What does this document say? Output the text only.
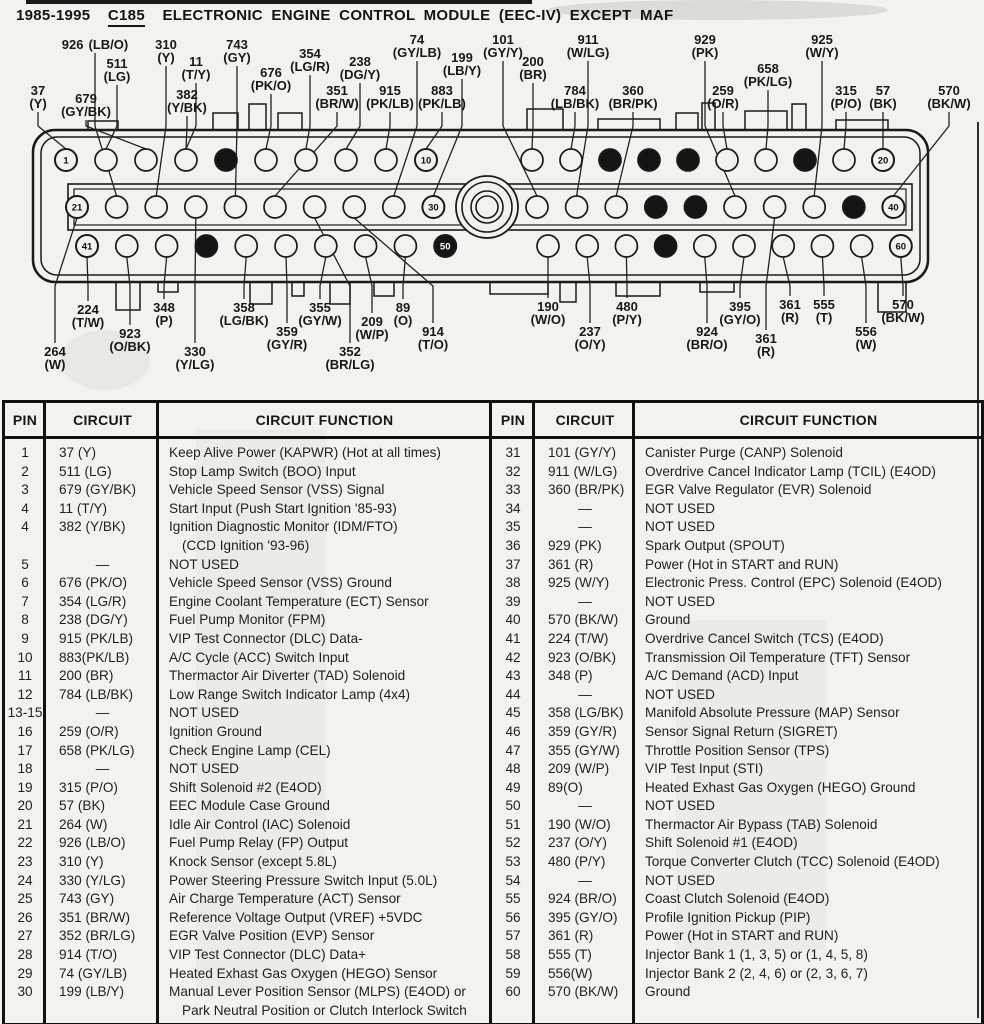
1985-1995 C185 ELECTRONIC ENGINE CONTROL MODULE (EEC-IV) EXCEPT MAF
926 (LB/O)
511 (LG)
37 (Y)	679 (GY/BK)
310 (Y)	11 (T/Y)
382 (Y/BK)
743 (GY)
676 (PK/O)
354 (LG/R)
351 (BR/W)
238 (DG/Y)
915 (PK/LB)
74 (GY/LB)
883 (PK/LB)
199 (LB/Y)
101 (GY/Y)
200 (BR)
911 (W/LG)
784 (LB/BK)
360 (BR/PK)
929 (PK)
259 (O/R)
658 (PK/LG)
925 (W/Y)
315 (P/O)
57 (BK)
570 (BK/W)
264 (W)
224 (T/W)
923 (O/BK)
348 (P)
330 (Y/LG)
358 (LG/BK)
359 (GY/R)
355 (GY/W)
352 (BR/LG)
209 (W/P)
89 (O)
914 (T/O)
190 (W/O)
237 (O/Y)
480 (P/Y)
924 (BR/O)
395 (GY/O)
361 (R)
361 (R)
555 (T)
556 (W)
570 (BK/W)
1	10	20
21	30	40
41	50	60
PIN	CIRCUIT	CIRCUIT FUNCTION
1	37 (Y)	Keep Alive Power (KAPWR) (Hot at all times)

2	511 (LG)	Stop Lamp Switch (BOO) Input

3	679 (GY/BK)	Vehicle Speed Sensor (VSS) Signal

4	11 (T/Y)	Start Input (Push Start Ignition '85-93)

4	382 (Y/BK)	Ignition Diagnostic Monitor (IDM/FTO)
(CCD Ignition '93-96)

5	—	NOT USED

6	676 (PK/O)	Vehicle Speed Sensor (VSS) Ground

7	354 (LG/R)	Engine Coolant Temperature (ECT) Sensor

8	238 (DG/Y)	Fuel Pump Monitor (FPM)

9	915 (PK/LB)	VIP Test Connector (DLC) Data-

10	883(PK/LB)	A/C Cycle (ACC) Switch Input

11	200 (BR)	Thermactor Air Diverter (TAD) Solenoid

12	784 (LB/BK)	Low Range Switch Indicator Lamp (4x4)

13-15	—	NOT USED

16	259 (O/R)	Ignition Ground

17	658 (PK/LG)	Check Engine Lamp (CEL)

18	—	NOT USED

19	315 (P/O)	Shift Solenoid #2 (E4OD)

20	57 (BK)	EEC Module Case Ground

21	264 (W)	Idle Air Control (IAC) Solenoid

22	926 (LB/O)	Fuel Pump Relay (FP) Output

23	310 (Y)	Knock Sensor (except 5.8L)

24	330 (Y/LG)	Power Steering Pressure Switch Input (5.0L)

25	743 (GY)	Air Charge Temperature (ACT) Sensor

26	351 (BR/W)	Reference Voltage Output (VREF) +5VDC

27	352 (BR/LG)	EGR Valve Position (EVP) Sensor

28	914 (T/O)	VIP Test Connector (DLC) Data+

29	74 (GY/LB)	Heated Exhast Gas Oxygen (HEGO) Sensor

30	199 (LB/Y)	Manual Lever Position Sensor (MLPS) (E4OD) or
Park Neutral Position or Clutch Interlock Switch
PIN	CIRCUIT	CIRCUIT FUNCTION
31	101 (GY/Y)	Canister Purge (CANP) Solenoid

32	911 (W/LG)	Overdrive Cancel Indicator Lamp (TCIL) (E4OD)

33	360 (BR/PK)	EGR Valve Regulator (EVR) Solenoid

34	—	NOT USED

35	—	NOT USED

36	929 (PK)	Spark Output (SPOUT)

37	361 (R)	Power (Hot in START and RUN)

38	925 (W/Y)	Electronic Press. Control (EPC) Solenoid (E4OD)

39	—	NOT USED

40	570 (BK/W)	Ground

41	224 (T/W)	Overdrive Cancel Switch (TCS) (E4OD)

42	923 (O/BK)	Transmission Oil Temperature (TFT) Sensor

43	348 (P)	A/C Demand (ACD) Input

44	—	NOT USED

45	358 (LG/BK)	Manifold Absolute Pressure (MAP) Sensor

46	359 (GY/R)	Sensor Signal Return (SIGRET)

47	355 (GY/W)	Throttle Position Sensor (TPS)

48	209 (W/P)	VIP Test Input (STI)

49	89(O)	Heated Exhast Gas Oxygen (HEGO) Ground

50	—	NOT USED

51	190 (W/O)	Thermactor Air Bypass (TAB) Solenoid

52	237 (O/Y)	Shift Solenoid #1 (E4OD)

53	480 (P/Y)	Torque Converter Clutch (TCC) Solenoid (E4OD)

54	—	NOT USED

55	924 (BR/O)	Coast Clutch Solenoid (E4OD)

56	395 (GY/O)	Profile Ignition Pickup (PIP)

57	361 (R)	Power (Hot in START and RUN)

58	555 (T)	Injector Bank 1 (1, 3, 5) or (1, 4, 5, 8)

59	556(W)	Injector Bank 2 (2, 4, 6) or (2, 3, 6, 7)

60	570 (BK/W)	Ground
